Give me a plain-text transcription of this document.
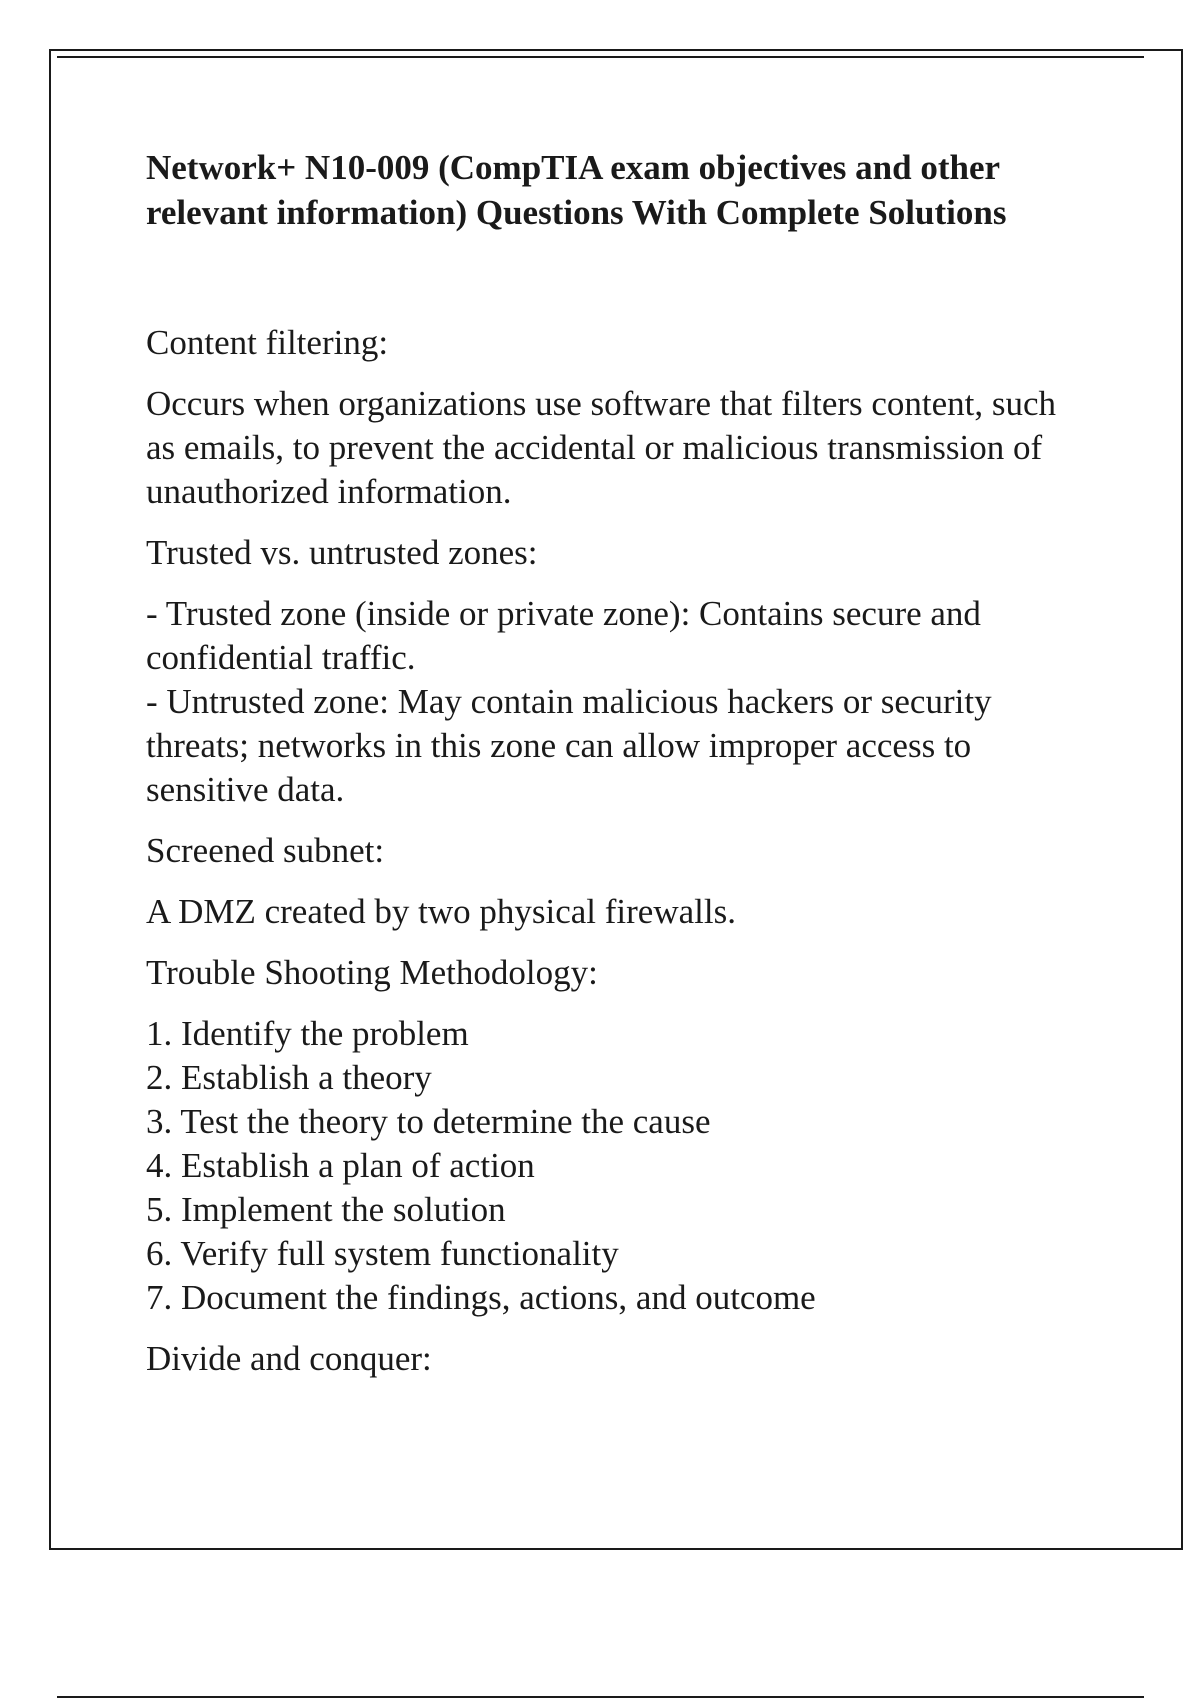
Network+ N10-009 (CompTIA exam objectives and other relevant information) Questions With Complete Solutions

Content filtering:

Occurs when organizations use software that filters content, such as emails, to prevent the accidental or malicious transmission of unauthorized information.

Trusted vs. untrusted zones:

- Trusted zone (inside or private zone): Contains secure and confidential traffic.
- Untrusted zone: May contain malicious hackers or security threats; networks in this zone can allow improper access to sensitive data.

Screened subnet:

A DMZ created by two physical firewalls.

Trouble Shooting Methodology:

1. Identify the problem
2. Establish a theory
3. Test the theory to determine the cause
4. Establish a plan of action
5. Implement the solution
6. Verify full system functionality
7. Document the findings, actions, and outcome

Divide and conquer:
